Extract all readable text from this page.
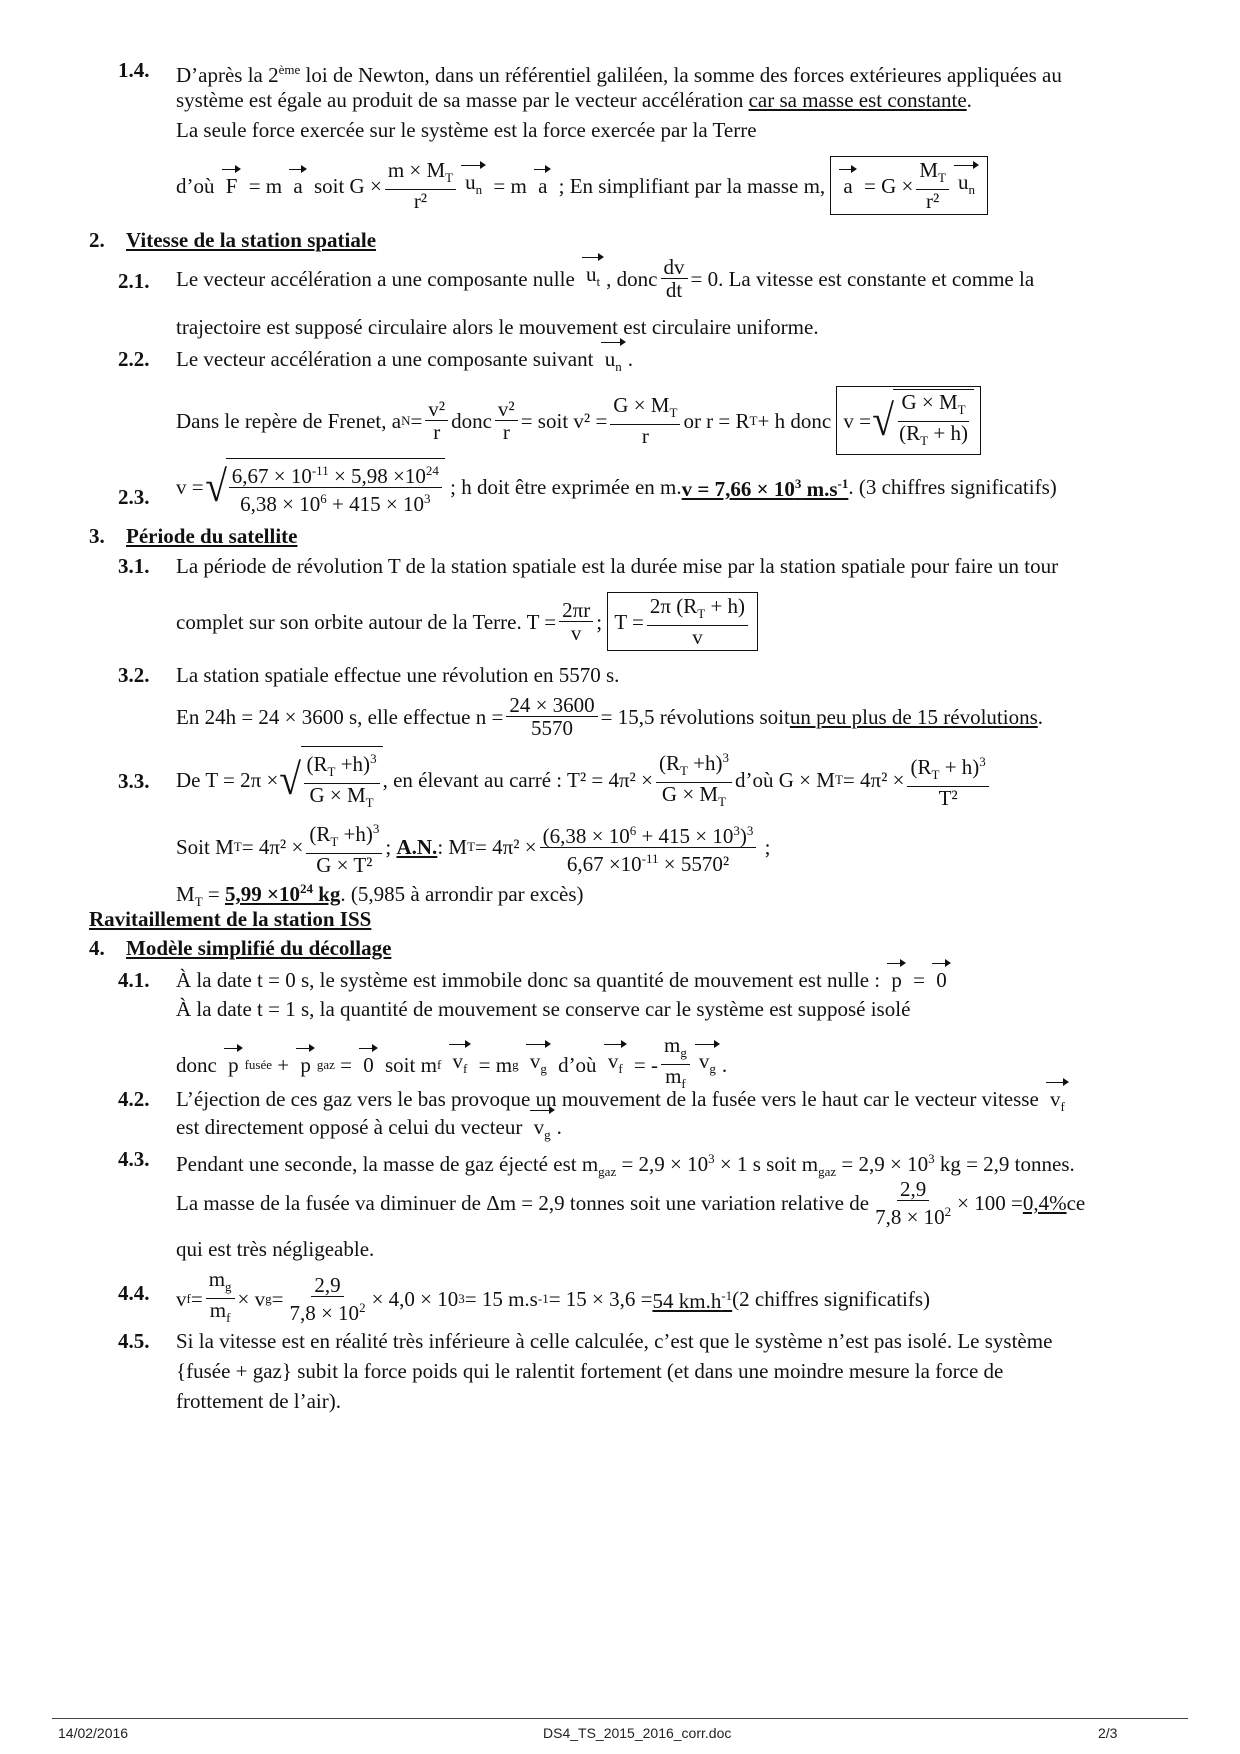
1.4. D’après la 2ème loi de Newton, dans un référentiel galiléen, la somme des forces extérieures appliquées au
système est égale au produit de sa masse par le vecteur accélération car sa masse est constante.
La seule force exercée sur le système est la force exercée par la Terre
d’où
F
= m
a
soit $G \times \frac{m \times M_T}{\text{r²}} u_n$
= m
a
; En simplifiant par la masse m,
a
= $G \times \frac{M_T}{\text{r²}} u_n$
2. Vitesse de la station spatiale
2.1. Le vecteur accélération a une composante nulle
$u_t$ , donc $\frac{dv}{dt} = 0$. La vitesse est constante et comme la
trajectoire est supposé circulaire alors le mouvement est circulaire uniforme.
2.2. Le vecteur accélération a une composante suivant $u_n$ .
Dans le repère de Frenet, a $N = \frac{\text{v²}}{r}$ donc $\frac{\text{v²}}{r}$ = soit $v^2 = \frac{G \times M_T}{r}$ or r = R T + h donc
v = √ $\frac{G \times M_T}{(R_T + h)}$
2.3. v = √ $\frac{6,67 \times 10^{-11} \times 5,98 \times 10^{24}}{6,38 \times 10^6 + 415 \times 10^3}$
; h doit être exprimée en m. $v = 7,66 \times 10^3$ $m.s^{-1}$ . (3 chiffres significatifs)
3. Période du satellite
3.1. La période de révolution T de la station spatiale est la durée mise par la station spatiale pour faire un tour
complet sur son orbite autour de la Terre. $T = \frac{2\pi r}{v}$ ;
$T = \frac{2\pi (R_T + h)}{v}$
3.2. La station spatiale effectue une révolution en 5570 s.
En 24h = 24 × 3600 s, elle effectue $n = \frac{24 \times 3600}{5570} = 15,5$ révolutions soit un peu plus de 15 révolutions .
3.3. De T = 2π × √ $\frac{(R_T +h)^3}{G \times M_T}$ , en élevant au carré : $T^2 = 4\pi^2 \times \frac{(R_T +h)^3}{G \times M_T}$ d’où G × M $T = 4\pi^2 \times \frac{(R_T + h)^3}{\text{T²}}$
Soit M $T = 4\pi^2 \times \frac{(R_T +h)^3}{\text{G × T²}}$ ;
A.N. : M $T = 4\pi^2 \times \frac{(6,38 \times 10^6 + 415 \times 10^3)^3}{6,67 \times 10^{-11} \times 5570^2}$
;
$M_T = 5,99 \times 10^{24}$ kg. (5,985 à arrondir par excès)
Ravitaillement de la station ISS
4. Modèle simplifié du décollage
4.1. À la date t = 0 s, le système est immobile donc sa quantité de mouvement est nulle : p = 0
À la date t = 1 s, la quantité de mouvement se conserve car le système est supposé isolé
donc
p fusée
+
p gaz
=
0
soit m f
$v_f$
= m g
$v_g$
d’où
$v_f$
= - $\frac{m_g}{m_f} v_g$ .
4.2. L’éjection de ces gaz vers le bas provoque un mouvement de la fusée vers le haut car le vecteur vitesse $v_f$
est directement opposé à celui du vecteur $v_g$ .
4.3. Pendant une seconde, la masse de gaz éjecté est $m_{gaz} = 2,9 \times 10^3 \times 1$ s soit $m_{gaz} = 2,9 \times 10^3$ kg = 2,9 tonnes.
La masse de la fusée va diminuer de Δm = 2,9 tonnes soit une variation relative de $\frac{2,9}{7,8 \times 10^2} \times 100 = 0,4\%$ ce
qui est très négligeable.
4.4. v $f = \frac{m_g}{m_f} \times v$ $g = \frac{2,9}{7,8 \times 10^2} \times 4,0 \times 10$ 3 = 15 m.s -1 = 15 × 3,6 = 54 $km.h^{-1}$ (2 chiffres significatifs)
4.5. Si la vitesse est en réalité très inférieure à celle calculée, c’est que le système n’est pas isolé. Le système
{fusée + gaz} subit la force poids qui le ralentit fortement (et dans une moindre mesure la force de
frottement de l’air).
14/02/2016	DS4_TS_2015_2016_corr.doc	2/3
